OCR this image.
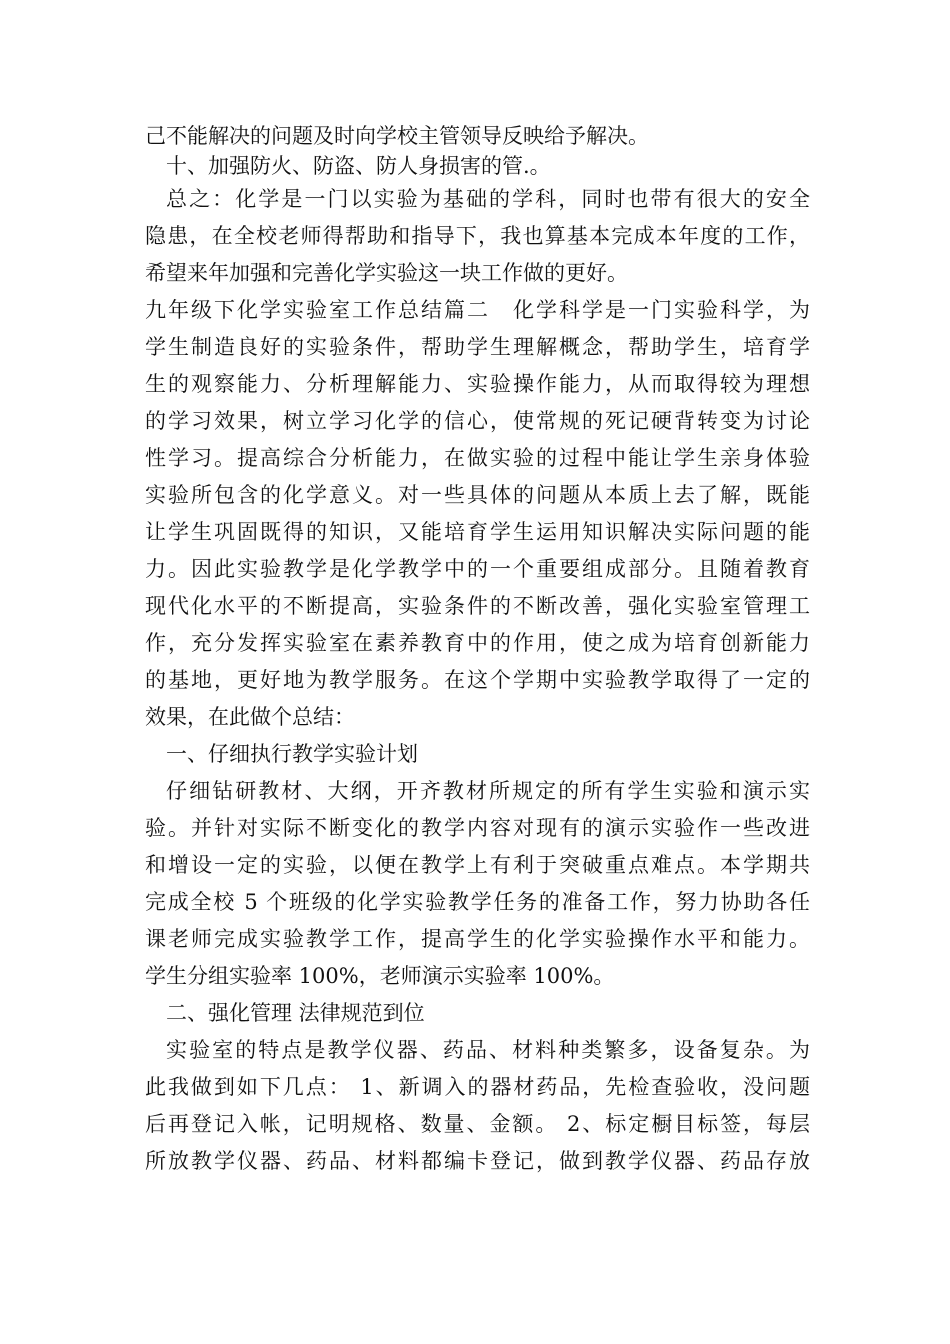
己不能解决的问题及时向学校主管领导反映给予解决。
十、加强防火、防盗、防人身损害的管.。
总之：化学是一门以实验为基础的学科，同时也带有很大的安全
隐患，在全校老师得帮助和指导下，我也算基本完成本年度的工作，
希望来年加强和完善化学实验这一块工作做的更好。
九年级下化学实验室工作总结篇二　化学科学是一门实验科学，为
学生制造良好的实验条件，帮助学生理解概念，帮助学生，培育学
生的观察能力、分析理解能力、实验操作能力，从而取得较为理想
的学习效果，树立学习化学的信心，使常规的死记硬背转变为讨论
性学习。提高综合分析能力，在做实验的过程中能让学生亲身体验
实验所包含的化学意义。对一些具体的问题从本质上去了解，既能
让学生巩固既得的知识，又能培育学生运用知识解决实际问题的能
力。因此实验教学是化学教学中的一个重要组成部分。且随着教育
现代化水平的不断提高，实验条件的不断改善，强化实验室管理工
作，充分发挥实验室在素养教育中的作用，使之成为培育创新能力
的基地，更好地为教学服务。在这个学期中实验教学取得了一定的
效果，在此做个总结：
一、仔细执行教学实验计划
仔细钻研教材、大纲，开齐教材所规定的所有学生实验和演示实
验。并针对实际不断变化的教学内容对现有的演示实验作一些改进
和增设一定的实验，以便在教学上有利于突破重点难点。本学期共
完成全校 5 个班级的化学实验教学任务的准备工作，努力协助各任
课老师完成实验教学工作，提高学生的化学实验操作水平和能力。
学生分组实验率 100%，老师演示实验率 100%。
二、强化管理 法律规范到位
实验室的特点是教学仪器、药品、材料种类繁多，设备复杂。为
此我做到如下几点： 1、新调入的器材药品，先检查验收，没问题
后再登记入帐，记明规格、数量、金额。 2、标定橱目标签，每层
所放教学仪器、药品、材料都编卡登记，做到教学仪器、药品存放
